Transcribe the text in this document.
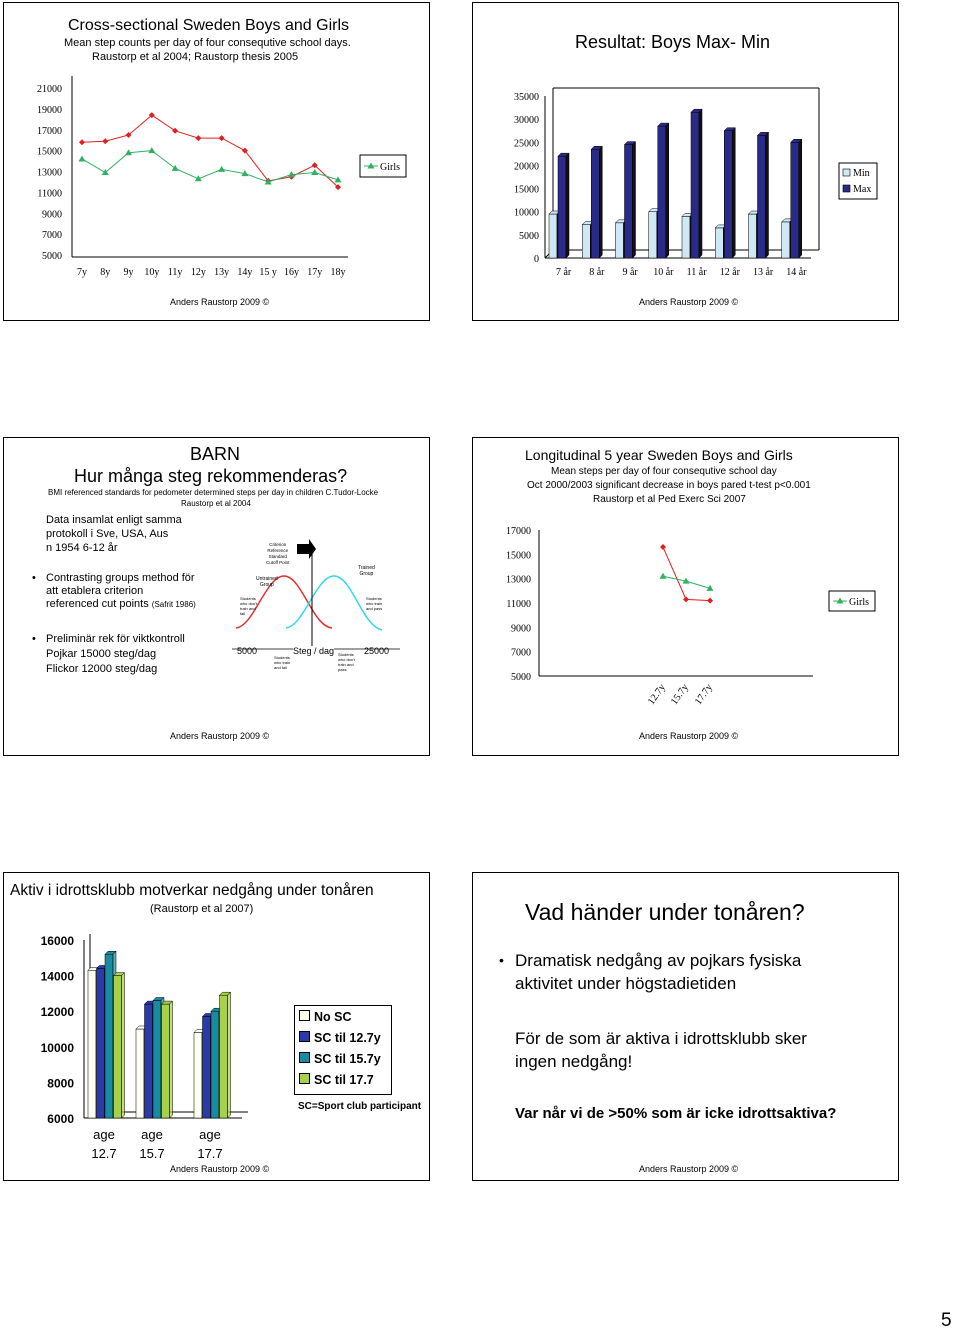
Cross-sectional Sweden Boys and Girls
Mean step counts per day of four consequtive school days.
Raustorp et al 2004; Raustorp thesis 2005
21000
19000
17000
15000
13000
11000
9000
7000
5000
7y 8y 9y 10y 11y 12y 13y 14y 15 y 16y 17y 18y
Girls
Anders Raustorp 2009 ©
Resultat: Boys Max- Min
35000
30000
25000
20000
15000
10000
5000
0
7 år 8 år 9 år 10 år 11 år 12 år 13 år 14 år
Min
Max
Anders Raustorp 2009 ©
BARN
Hur många steg rekommenderas?
BMI referenced standards for pedometer determined steps per day in children C.Tudor-Locke
Raustorp et al 2004
Data insamlat enligt samma
protokoll i Sve, USA, Aus
n 1954 6-12 år
• Contrasting groups method för
att etablera criterion
referenced cut points (Safrit 1986)
• Preliminär rek för viktkontroll
Pojkar 15000 steg/dag
Flickor 12000 steg/dag
Criterion
Reference
Standard
Cutoff Point
Untrained
Group
Trained
Group
Students
who don't
train and
fail
Students
who train
and pass
Students
who train
and fail
Students
who don't
train and
pass
5000	Steg / dag	25000
Anders Raustorp 2009 ©
Longitudinal 5 year Sweden Boys and Girls
Mean steps per day of four consequtive school day
Oct 2000/2003 significant decrease in boys pared t-test p<0.001
Raustorp et al Ped Exerc Sci 2007
17000
15000
13000
11000
9000
7000
5000
12.7y 15.7y 17.7y
Girls
Anders Raustorp 2009 ©
Aktiv i idrottsklubb motverkar nedgång under tonåren
(Raustorp et al 2007)
16000
14000
12000
10000
8000
6000
age
12.7
age
15.7
age
17.7
No SC
SC til 12.7y
SC til 15.7y
SC til 17.7
SC=Sport club participant
Anders Raustorp 2009 ©
Vad händer under tonåren?
• Dramatisk nedgång av pojkars fysiska
aktivitet under högstadietiden
För de som är aktiva i idrottsklubb sker
ingen nedgång!
Var når vi de >50% som är icke idrottsaktiva?
Anders Raustorp 2009 ©
5
